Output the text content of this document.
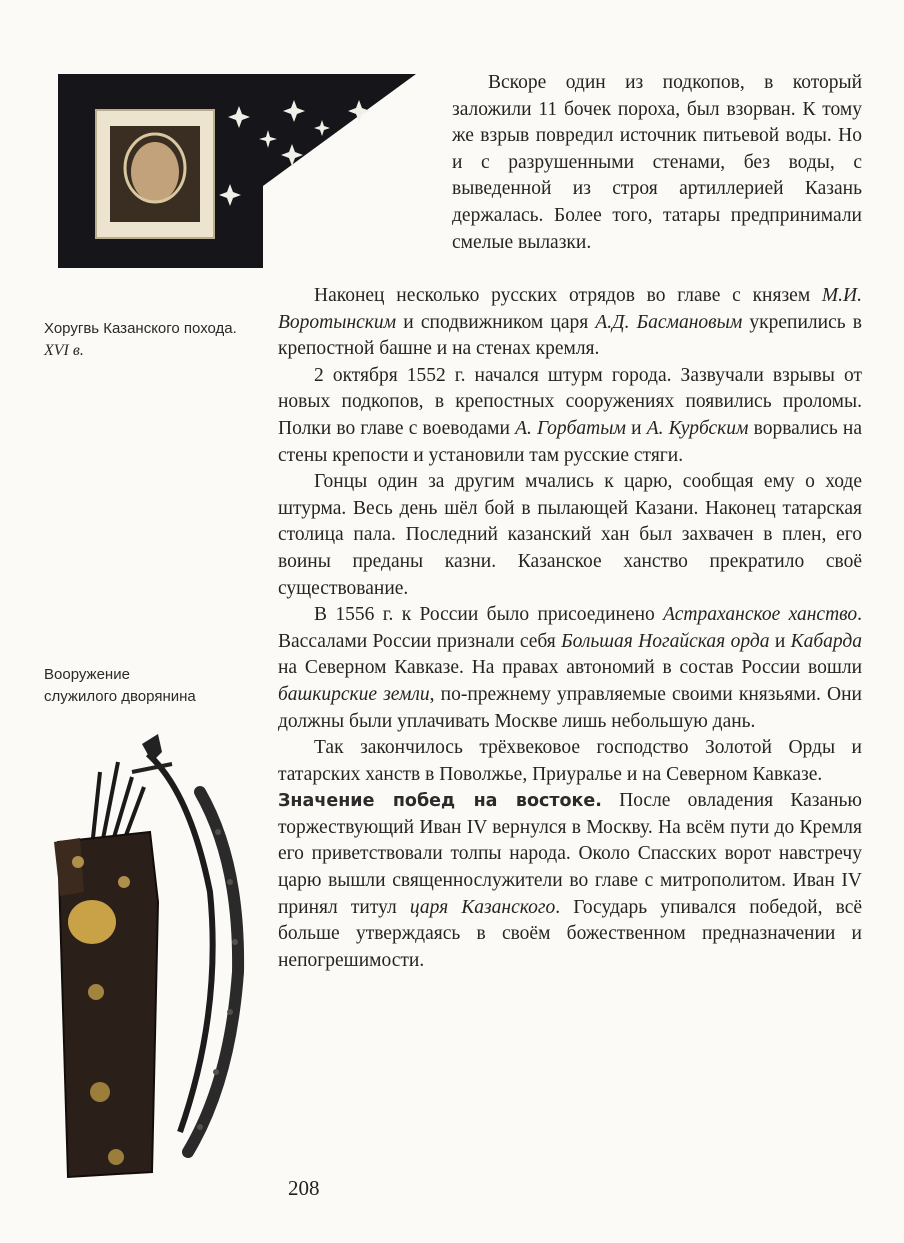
Хоругвь Казанского похода. XVI в.
Вооружение
служилого дворянина

Вскоре один из подкопов, в который заложили 11 бочек пороха, был взорван. К тому же взрыв повредил источник питьевой воды. Но и с разрушенными стенами, без воды, с выведенной из строя артиллерией Казань держалась. Более того, татары предпринимали смелые вылазки.

Наконец несколько русских отрядов во главе с князем М.И. Воротынским и сподвижником царя А.Д. Басмановым укрепились в крепостной башне и на стенах кремля.

2 октября 1552 г. начался штурм города. Зазвучали взрывы от новых подкопов, в крепостных сооружениях появились проломы. Полки во главе с воеводами А. Горбатым и А. Курбским ворвались на стены крепости и установили там русские стяги.

Гонцы один за другим мчались к царю, сообщая ему о ходе штурма. Весь день шёл бой в пылающей Казани. Наконец татарская столица пала. Последний казанский хан был захвачен в плен, его воины преданы казни. Казанское ханство прекратило своё существование.

В 1556 г. к России было присоединено Астраханское ханство. Вассалами России признали себя Большая Ногайская орда и Кабарда на Северном Кавказе. На правах автономий в состав России вошли башкирские земли, по-прежнему управляемые своими князьями. Они должны были уплачивать Москве лишь небольшую дань.

Так закончилось трёхвековое господство Золотой Орды и татарских ханств в Поволжье, Приуралье и на Северном Кавказе.

Значение побед на востоке. После овладения Казанью торжествующий Иван IV вернулся в Москву. На всём пути до Кремля его приветствовали толпы народа. Около Спасских ворот навстречу царю вышли священнослужители во главе с митрополитом. Иван IV принял титул царя Казанского. Государь упивался победой, всё больше утверждаясь в своём божественном предназначении и непогрешимости.

208
